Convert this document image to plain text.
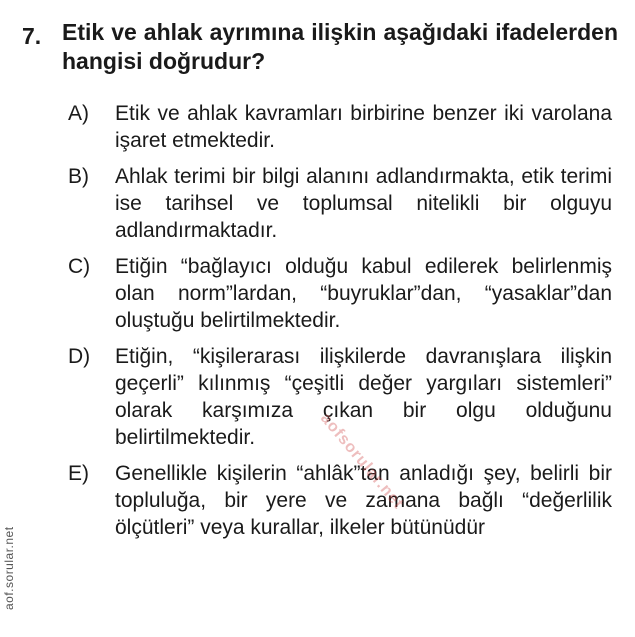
7. Etik ve ahlak ayrımına ilişkin aşağıdaki ifadelerden hangisi doğrudur?
A)	Etik ve ahlak kavramları birbirine benzer iki varolana işaret etmektedir.
B)	Ahlak terimi bir bilgi alanını adlandırmakta, etik terimi ise tarihsel ve toplumsal nitelikli bir olguyu adlandırmaktadır.
C)	Etiğin “bağlayıcı olduğu kabul edilerek belirlenmiş olan norm”lardan, “buyruklar”dan, “yasaklar”dan oluştuğu belirtilmektedir.
D)	Etiğin, “kişilerarası ilişkilerde davranışlara ilişkin geçerli” kılınmış “çeşitli değer yargıları sistemleri” olarak karşımıza çıkan bir olgu olduğunu belirtilmektedir.
E)	Genellikle kişilerin “ahlâk”tan anladığı şey, belirli bir topluluğa, bir yere ve zamana bağlı “değerlilik ölçütleri” veya kurallar, ilkeler bütünüdür
aofsorular.net
aof.sorular.net
